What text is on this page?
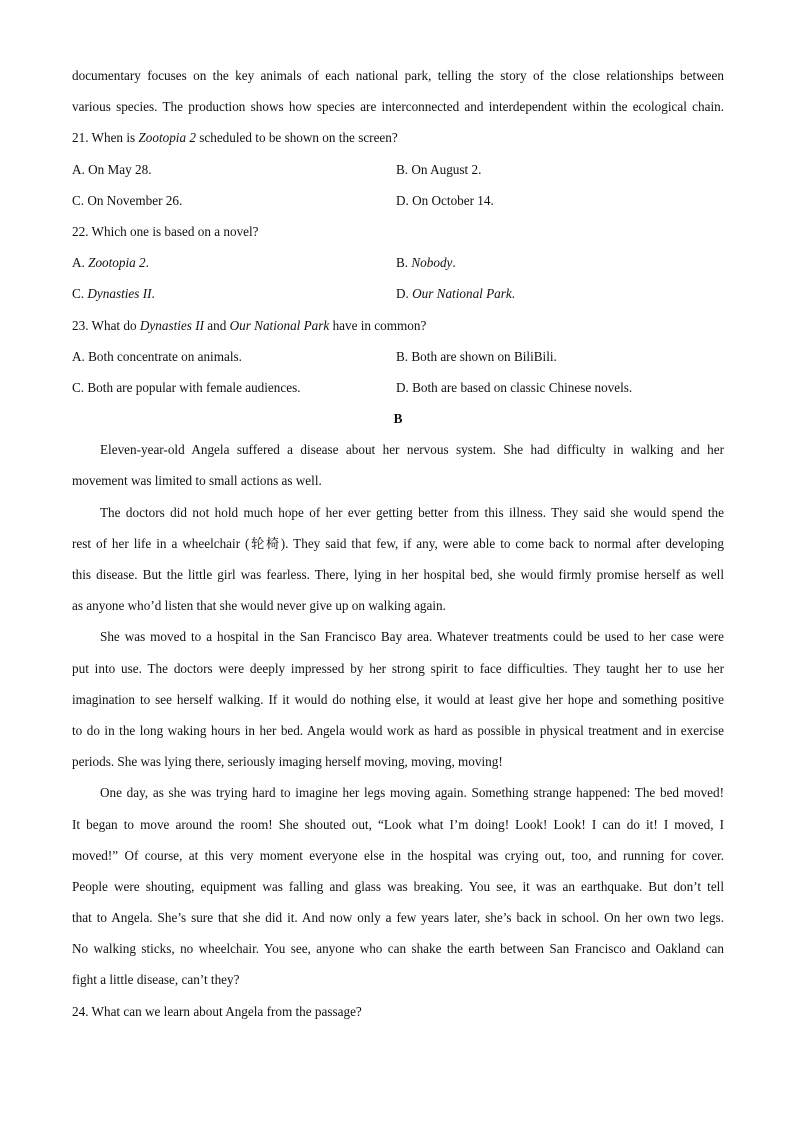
documentary focuses on the key animals of each national park, telling the story of the close relationships between
various species. The production shows how species are interconnected and interdependent within the ecological chain.
21. When is Zootopia 2 scheduled to be shown on the screen?
A. On May 28.	B. On August 2.
C. On November 26.	D. On October 14.
22. Which one is based on a novel?
A. Zootopia 2.	B. Nobody.
C. Dynasties II.	D. Our National Park.
23. What do Dynasties II and Our National Park have in common?
A. Both concentrate on animals.	B. Both are shown on BiliBili.
C. Both are popular with female audiences.	D. Both are based on classic Chinese novels.
B
Eleven-year-old Angela suffered a disease about her nervous system. She had difficulty in walking and her
movement was limited to small actions as well.
The doctors did not hold much hope of her ever getting better from this illness. They said she would spend the
rest of her life in a wheelchair (轮椅). They said that few, if any, were able to come back to normal after developing
this disease. But the little girl was fearless. There, lying in her hospital bed, she would firmly promise herself as well
as anyone who’d listen that she would never give up on walking again.
She was moved to a hospital in the San Francisco Bay area. Whatever treatments could be used to her case were
put into use. The doctors were deeply impressed by her strong spirit to face difficulties. They taught her to use her
imagination to see herself walking. If it would do nothing else, it would at least give her hope and something positive
to do in the long waking hours in her bed. Angela would work as hard as possible in physical treatment and in exercise
periods. She was lying there, seriously imaging herself moving, moving, moving!
One day, as she was trying hard to imagine her legs moving again. Something strange happened: The bed moved!
It began to move around the room! She shouted out, “Look what I’m doing! Look! Look! I can do it! I moved, I
moved!” Of course, at this very moment everyone else in the hospital was crying out, too, and running for cover.
People were shouting, equipment was falling and glass was breaking. You see, it was an earthquake. But don’t tell
that to Angela. She’s sure that she did it. And now only a few years later, she’s back in school. On her own two legs.
No walking sticks, no wheelchair. You see, anyone who can shake the earth between San Francisco and Oakland can
fight a little disease, can’t they?
24. What can we learn about Angela from the passage?
